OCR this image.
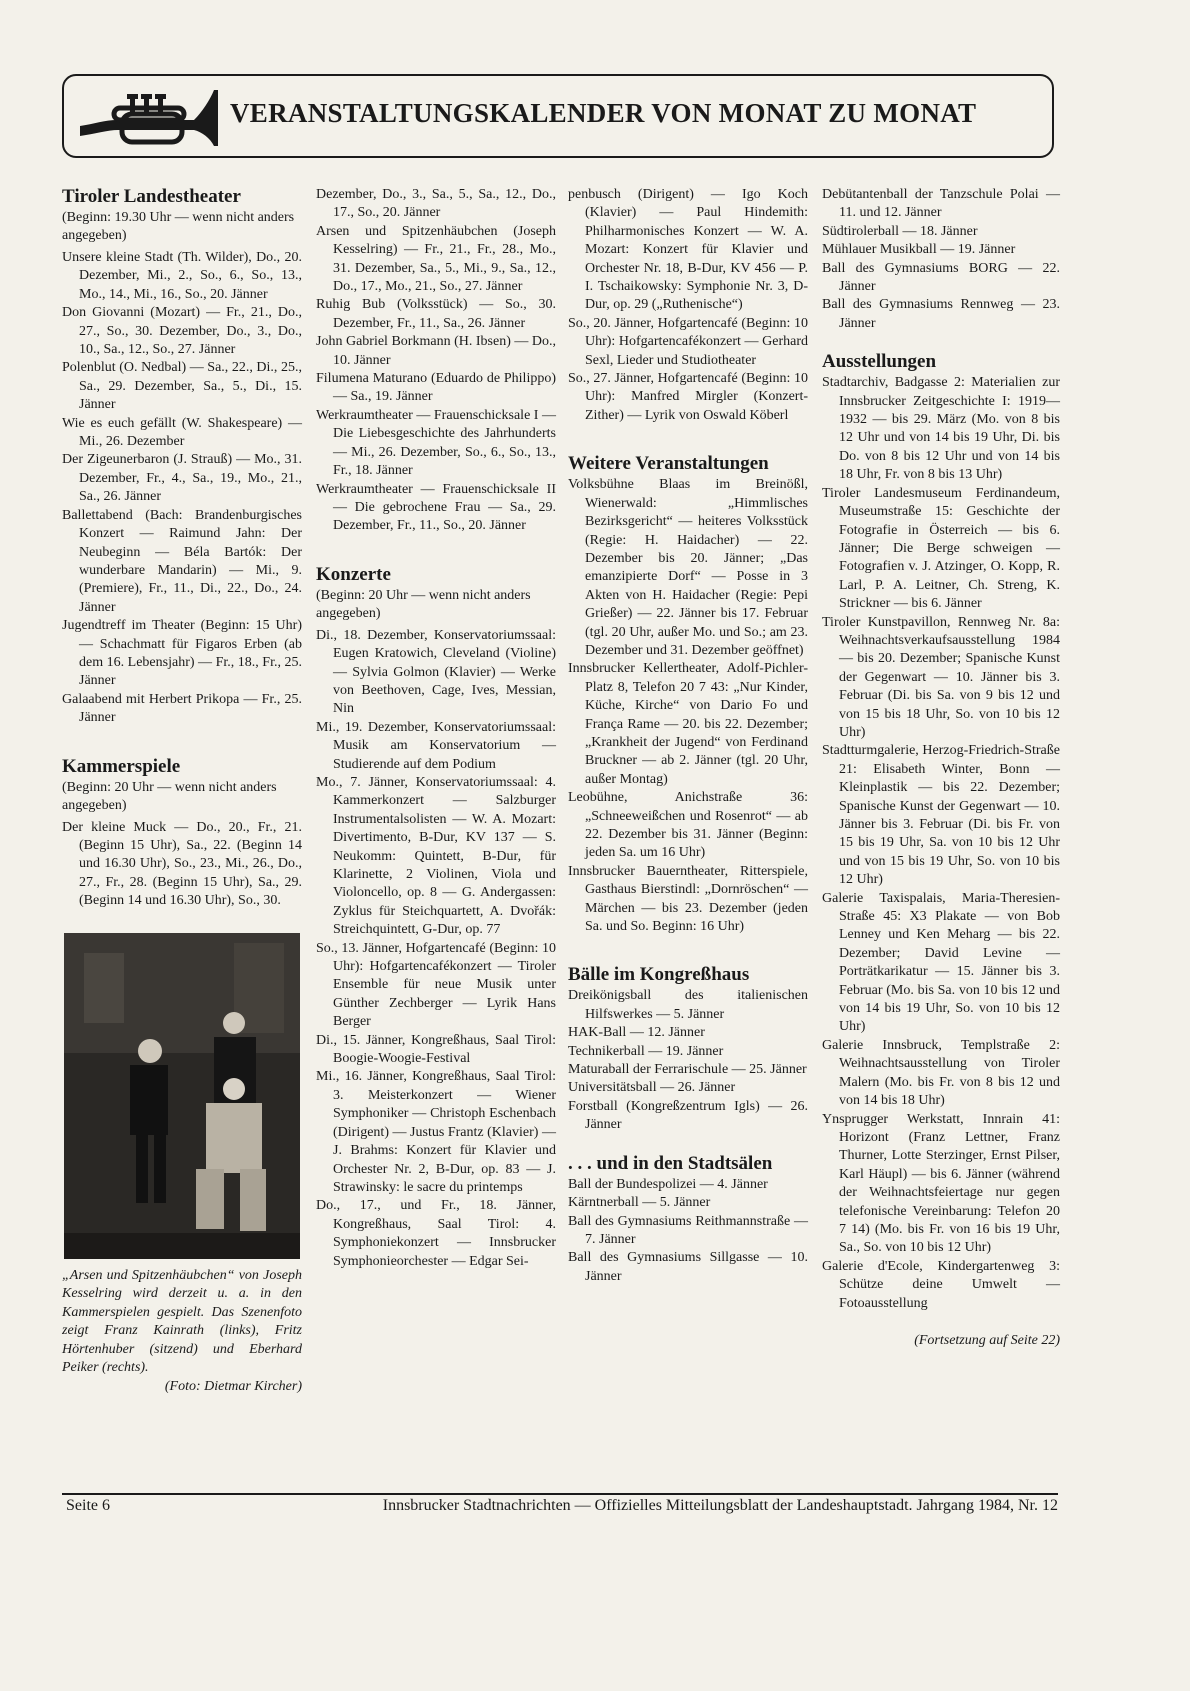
VERANSTALTUNGSKALENDER VON MONAT ZU MONAT
Tiroler Landestheater

(Beginn: 19.30 Uhr — wenn nicht anders angegeben)

Unsere kleine Stadt (Th. Wilder), Do., 20. Dezember, Mi., 2., So., 6., So., 13., Mo., 14., Mi., 16., So., 20. Jänner

Don Giovanni (Mozart) — Fr., 21., Do., 27., So., 30. Dezember, Do., 3., Do., 10., Sa., 12., So., 27. Jänner

Polenblut (O. Nedbal) — Sa., 22., Di., 25., Sa., 29. Dezember, Sa., 5., Di., 15. Jänner

Wie es euch gefällt (W. Shakespeare) — Mi., 26. Dezember

Der Zigeunerbaron (J. Strauß) — Mo., 31. Dezember, Fr., 4., Sa., 19., Mo., 21., Sa., 26. Jänner

Ballettabend (Bach: Brandenburgisches Konzert — Raimund Jahn: Der Neubeginn — Béla Bartók: Der wunderbare Mandarin) — Mi., 9. (Premiere), Fr., 11., Di., 22., Do., 24. Jänner

Jugendtreff im Theater (Beginn: 15 Uhr) — Schachmatt für Figaros Erben (ab dem 16. Lebensjahr) — Fr., 18., Fr., 25. Jänner

Galaabend mit Herbert Prikopa — Fr., 25. Jänner

Kammerspiele

(Beginn: 20 Uhr — wenn nicht anders angegeben)

Der kleine Muck — Do., 20., Fr., 21. (Beginn 15 Uhr), Sa., 22. (Beginn 14 und 16.30 Uhr), So., 23., Mi., 26., Do., 27., Fr., 28. (Beginn 15 Uhr), Sa., 29. (Beginn 14 und 16.30 Uhr), So., 30.

„Arsen und Spitzenhäubchen“ von Joseph Kesselring wird derzeit u. a. in den Kammerspielen gespielt. Das Szenenfoto zeigt Franz Kainrath (links), Fritz Hörtenhuber (sitzend) und Eberhard Peiker (rechts).

(Foto: Dietmar Kircher)

Dezember, Do., 3., Sa., 5., Sa., 12., Do., 17., So., 20. Jänner

Arsen und Spitzenhäubchen (Joseph Kesselring) — Fr., 21., Fr., 28., Mo., 31. Dezember, Sa., 5., Mi., 9., Sa., 12., Do., 17., Mo., 21., So., 27. Jänner

Ruhig Bub (Volksstück) — So., 30. Dezember, Fr., 11., Sa., 26. Jänner

John Gabriel Borkmann (H. Ibsen) — Do., 10. Jänner

Filumena Maturano (Eduardo de Philippo) — Sa., 19. Jänner

Werkraumtheater — Frauenschicksale I — Die Liebesgeschichte des Jahrhunderts — Mi., 26. Dezember, So., 6., So., 13., Fr., 18. Jänner

Werkraumtheater — Frauenschicksale II — Die gebrochene Frau — Sa., 29. Dezember, Fr., 11., So., 20. Jänner

Konzerte

(Beginn: 20 Uhr — wenn nicht anders angegeben)

Di., 18. Dezember, Konservatoriumssaal: Eugen Kratowich, Cleveland (Violine) — Sylvia Golmon (Klavier) — Werke von Beethoven, Cage, Ives, Messian, Nin

Mi., 19. Dezember, Konservatoriumssaal: Musik am Konservatorium — Studierende auf dem Podium

Mo., 7. Jänner, Konservatoriumssaal: 4. Kammerkonzert — Salzburger Instrumentalsolisten — W. A. Mozart: Divertimento, B-Dur, KV 137 — S. Neukomm: Quintett, B-Dur, für Klarinette, 2 Violinen, Viola und Violoncello, op. 8 — G. Andergassen: Zyklus für Steichquartett, A. Dvořák: Streichquintett, G-Dur, op. 77

So., 13. Jänner, Hofgartencafé (Beginn: 10 Uhr): Hofgartencafékonzert — Tiroler Ensemble für neue Musik unter Günther Zechberger — Lyrik Hans Berger

Di., 15. Jänner, Kongreßhaus, Saal Tirol: Boogie-Woogie-Festival

Mi., 16. Jänner, Kongreßhaus, Saal Tirol: 3. Meisterkonzert — Wiener Symphoniker — Christoph Eschenbach (Dirigent) — Justus Frantz (Klavier) — J. Brahms: Konzert für Klavier und Orchester Nr. 2, B-Dur, op. 83 — J. Strawinsky: le sacre du printemps

Do., 17., und Fr., 18. Jänner, Kongreßhaus, Saal Tirol: 4. Symphoniekonzert — Innsbrucker Symphonieorchester — Edgar Sei-

penbusch (Dirigent) — Igo Koch (Klavier) — Paul Hindemith: Philharmonisches Konzert — W. A. Mozart: Konzert für Klavier und Orchester Nr. 18, B-Dur, KV 456 — P. I. Tschaikowsky: Symphonie Nr. 3, D-Dur, op. 29 („Ruthenische“)

So., 20. Jänner, Hofgartencafé (Beginn: 10 Uhr): Hofgartencafékonzert — Gerhard Sexl, Lieder und Studiotheater

So., 27. Jänner, Hofgartencafé (Beginn: 10 Uhr): Manfred Mirgler (Konzert-Zither) — Lyrik von Oswald Köberl

Weitere Veranstaltungen

Volksbühne Blaas im Breinößl, Wienerwald: „Himmlisches Bezirksgericht“ — heiteres Volksstück (Regie: H. Haidacher) — 22. Dezember bis 20. Jänner; „Das emanzipierte Dorf“ — Posse in 3 Akten von H. Haidacher (Regie: Pepi Grießer) — 22. Jänner bis 17. Februar (tgl. 20 Uhr, außer Mo. und So.; am 23. Dezember und 31. Dezember geöffnet)

Innsbrucker Kellertheater, Adolf-Pichler-Platz 8, Telefon 20 7 43: „Nur Kinder, Küche, Kirche“ von Dario Fo und França Rame — 20. bis 22. Dezember; „Krankheit der Jugend“ von Ferdinand Bruckner — ab 2. Jänner (tgl. 20 Uhr, außer Montag)

Leobühne, Anichstraße 36: „Schneeweißchen und Rosenrot“ — ab 22. Dezember bis 31. Jänner (Beginn: jeden Sa. um 16 Uhr)

Innsbrucker Bauerntheater, Ritterspiele, Gasthaus Bierstindl: „Dornröschen“ — Märchen — bis 23. Dezember (jeden Sa. und So. Beginn: 16 Uhr)

Bälle im Kongreßhaus

Dreikönigsball des italienischen Hilfswerkes — 5. Jänner

HAK-Ball — 12. Jänner

Technikerball — 19. Jänner

Maturaball der Ferrarischule — 25. Jänner

Universitätsball — 26. Jänner

Forstball (Kongreßzentrum Igls) — 26. Jänner

. . . und in den Stadtsälen

Ball der Bundespolizei — 4. Jänner

Kärntnerball — 5. Jänner

Ball des Gymnasiums Reithmannstraße — 7. Jänner

Ball des Gymnasiums Sillgasse — 10. Jänner

Debütantenball der Tanzschule Polai — 11. und 12. Jänner

Südtirolerball — 18. Jänner

Mühlauer Musikball — 19. Jänner

Ball des Gymnasiums BORG — 22. Jänner

Ball des Gymnasiums Rennweg — 23. Jänner

Ausstellungen

Stadtarchiv, Badgasse 2: Materialien zur Innsbrucker Zeitgeschichte I: 1919—1932 — bis 29. März (Mo. von 8 bis 12 Uhr und von 14 bis 19 Uhr, Di. bis Do. von 8 bis 12 Uhr und von 14 bis 18 Uhr, Fr. von 8 bis 13 Uhr)

Tiroler Landesmuseum Ferdinandeum, Museumstraße 15: Geschichte der Fotografie in Österreich — bis 6. Jänner; Die Berge schweigen — Fotografien v. J. Atzinger, O. Kopp, R. Larl, P. A. Leitner, Ch. Streng, K. Strickner — bis 6. Jänner

Tiroler Kunstpavillon, Rennweg Nr. 8a: Weihnachtsverkaufsausstellung 1984 — bis 20. Dezember; Spanische Kunst der Gegenwart — 10. Jänner bis 3. Februar (Di. bis Sa. von 9 bis 12 und von 15 bis 18 Uhr, So. von 10 bis 12 Uhr)

Stadtturmgalerie, Herzog-Friedrich-Straße 21: Elisabeth Winter, Bonn — Kleinplastik — bis 22. Dezember; Spanische Kunst der Gegenwart — 10. Jänner bis 3. Februar (Di. bis Fr. von 15 bis 19 Uhr, Sa. von 10 bis 12 Uhr und von 15 bis 19 Uhr, So. von 10 bis 12 Uhr)

Galerie Taxispalais, Maria-Theresien-Straße 45: X3 Plakate — von Bob Lenney und Ken Meharg — bis 22. Dezember; David Levine — Porträtkarikatur — 15. Jänner bis 3. Februar (Mo. bis Sa. von 10 bis 12 und von 14 bis 19 Uhr, So. von 10 bis 12 Uhr)

Galerie Innsbruck, Templstraße 2: Weihnachtsausstellung von Tiroler Malern (Mo. bis Fr. von 8 bis 12 und von 14 bis 18 Uhr)

Ynsprugger Werkstatt, Innrain 41: Horizont (Franz Lettner, Franz Thurner, Lotte Sterzinger, Ernst Pilser, Karl Häupl) — bis 6. Jänner (während der Weihnachtsfeiertage nur gegen telefonische Vereinbarung: Telefon 20 7 14) (Mo. bis Fr. von 16 bis 19 Uhr, Sa., So. von 10 bis 12 Uhr)

Galerie d'Ecole, Kindergartenweg 3: Schütze deine Umwelt — Fotoausstellung

(Fortsetzung auf Seite 22)
Seite 6	Innsbrucker Stadtnachrichten — Offizielles Mitteilungsblatt der Landeshauptstadt. Jahrgang 1984, Nr. 12
